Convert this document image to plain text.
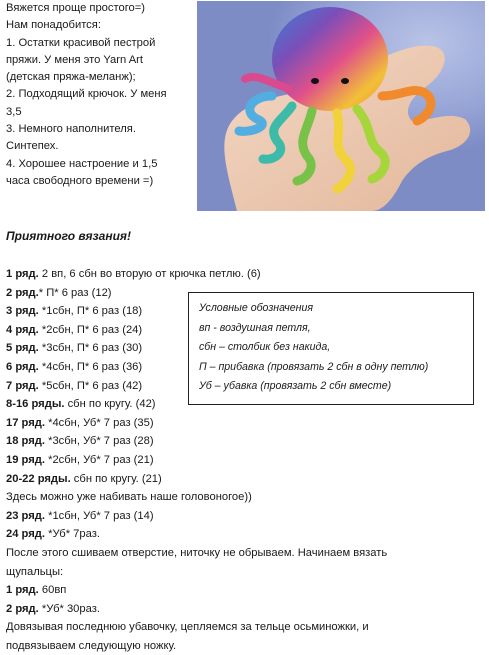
Вяжется проще простого=)
Нам понадобится:
1. Остатки красивой пестрой
пряжи. У меня это Yarn Art
(детская пряжа-меланж);
2. Подходящий крючок. У меня
3,5
3. Немного наполнителя.
Синтепех.
4. Хорошее настроение и 1,5
часа свободного времени =)
Приятного вязания!
Условные обозначения
вп - воздушная петля,
сбн – столбик без накида,
П – прибавка (провязать 2 сбн в одну петлю)
Уб – убавка (провязать 2 сбн вместе)
1 ряд. 2 вп, 6 сбн во вторую от крючка петлю. (6)
2 ряд.* П* 6 раз (12)
3 ряд. *1сбн, П* 6 раз (18)
4 ряд. *2сбн, П* 6 раз (24)
5 ряд. *3сбн, П* 6 раз (30)
6 ряд. *4сбн, П* 6 раз (36)
7 ряд. *5сбн, П* 6 раз (42)
8-16 ряды. сбн по кругу. (42)
17 ряд. *4сбн, Уб* 7 раз (35)
18 ряд. *3сбн, Уб* 7 раз (28)
19 ряд. *2сбн, Уб* 7 раз (21)
20-22 ряды. сбн по кругу. (21)
Здесь можно уже набивать наше головоногое))
23 ряд. *1сбн, Уб* 7 раз (14)
24 ряд. *Уб* 7раз.
После этого сшиваем отверстие, ниточку не обрываем. Начинаем вязать
щупальцы:
1 ряд. 60вп
2 ряд. *Уб* 30раз.
Довязывая последнюю убавочку, цепляемся за тельце осьминожки, и
подвязываем следующую ножку.
